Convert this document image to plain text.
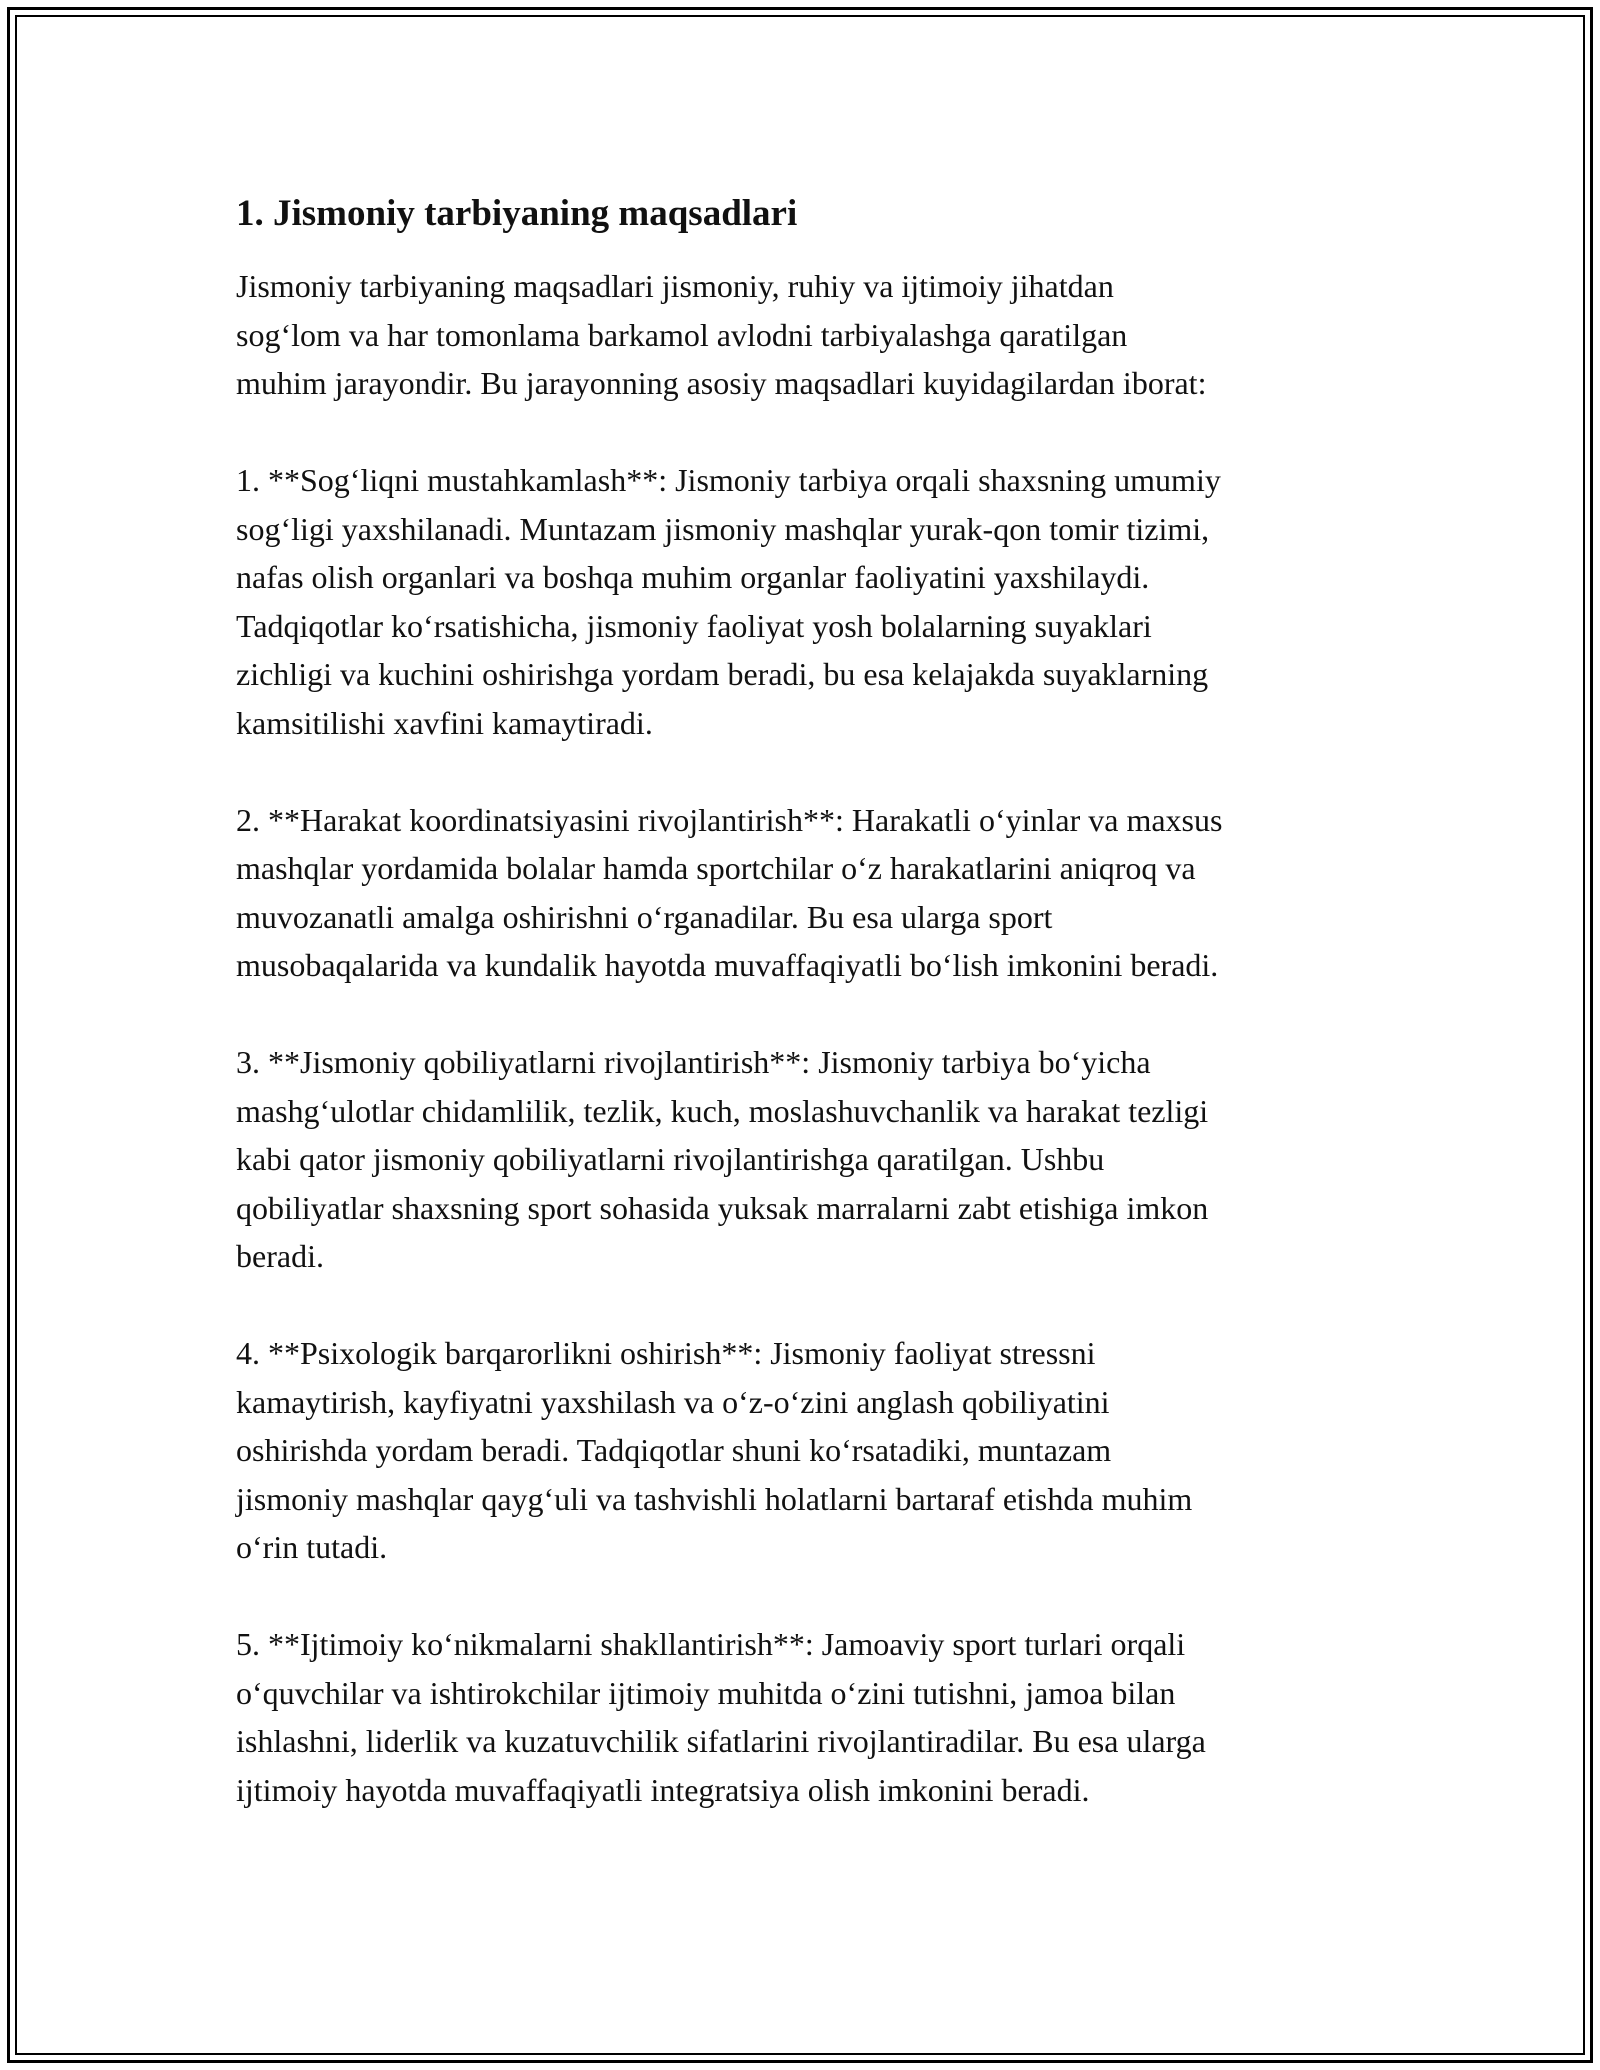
1. Jismoniy tarbiyaning maqsadlari

Jismoniy tarbiyaning maqsadlari jismoniy, ruhiy va ijtimoiy jihatdan
sog‘lom va har tomonlama barkamol avlodni tarbiyalashga qaratilgan
muhim jarayondir. Bu jarayonning asosiy maqsadlari kuyidagilardan iborat:

1. **Sog‘liqni mustahkamlash**: Jismoniy tarbiya orqali shaxsning umumiy
sog‘ligi yaxshilanadi. Muntazam jismoniy mashqlar yurak-qon tomir tizimi,
nafas olish organlari va boshqa muhim organlar faoliyatini yaxshilaydi.
Tadqiqotlar ko‘rsatishicha, jismoniy faoliyat yosh bolalarning suyaklari
zichligi va kuchini oshirishga yordam beradi, bu esa kelajakda suyaklarning
kamsitilishi xavfini kamaytiradi.

2. **Harakat koordinatsiyasini rivojlantirish**: Harakatli o‘yinlar va maxsus
mashqlar yordamida bolalar hamda sportchilar o‘z harakatlarini aniqroq va
muvozanatli amalga oshirishni o‘rganadilar. Bu esa ularga sport
musobaqalarida va kundalik hayotda muvaffaqiyatli bo‘lish imkonini beradi.

3. **Jismoniy qobiliyatlarni rivojlantirish**: Jismoniy tarbiya bo‘yicha
mashg‘ulotlar chidamlilik, tezlik, kuch, moslashuvchanlik va harakat tezligi
kabi qator jismoniy qobiliyatlarni rivojlantirishga qaratilgan. Ushbu
qobiliyatlar shaxsning sport sohasida yuksak marralarni zabt etishiga imkon
beradi.

4. **Psixologik barqarorlikni oshirish**: Jismoniy faoliyat stressni
kamaytirish, kayfiyatni yaxshilash va o‘z-o‘zini anglash qobiliyatini
oshirishda yordam beradi. Tadqiqotlar shuni ko‘rsatadiki, muntazam
jismoniy mashqlar qayg‘uli va tashvishli holatlarni bartaraf etishda muhim
o‘rin tutadi.

5. **Ijtimoiy ko‘nikmalarni shakllantirish**: Jamoaviy sport turlari orqali
o‘quvchilar va ishtirokchilar ijtimoiy muhitda o‘zini tutishni, jamoa bilan
ishlashni, liderlik va kuzatuvchilik sifatlarini rivojlantiradilar. Bu esa ularga
ijtimoiy hayotda muvaffaqiyatli integratsiya olish imkonini beradi.
